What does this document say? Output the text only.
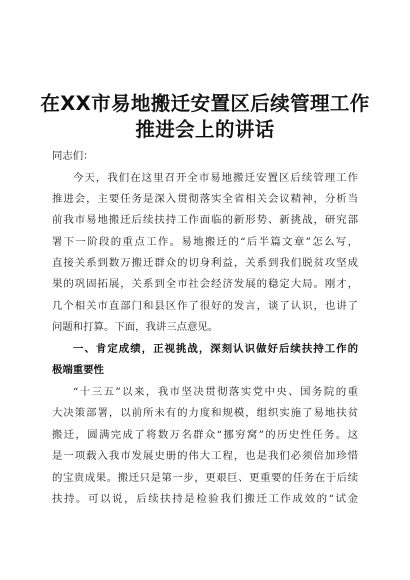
在XX市易地搬迁安置区后续管理工作
推进会上的讲话
同志们：
今天，我们在这里召开全市易地搬迁安置区后续管理工作
推进会，主要任务是深入贯彻落实全省相关会议精神，分析当
前我市易地搬迁后续扶持工作面临的新形势、新挑战，研究部
署下一阶段的重点工作。易地搬迁的“后半篇文章”怎么写，
直接关系到数万搬迁群众的切身利益，关系到我们脱贫攻坚成
果的巩固拓展，关系到全市社会经济发展的稳定大局。刚才，
几个相关市直部门和县区作了很好的发言，谈了认识，也讲了
问题和打算。下面，我讲三点意见。
一、肯定成绩，正视挑战，深刻认识做好后续扶持工作的
极端重要性
“十三五”以来，我市坚决贯彻落实党中央、国务院的重
大决策部署，以前所未有的力度和规模，组织实施了易地扶贫
搬迁，圆满完成了将数万名群众“挪穷窝”的历史性任务。这
是一项载入我市发展史册的伟大工程，也是我们必须倍加珍惜
的宝贵成果。搬迁只是第一步，更艰巨、更重要的任务在于后续
扶持。可以说，后续扶持是检验我们搬迁工作成效的“试金
